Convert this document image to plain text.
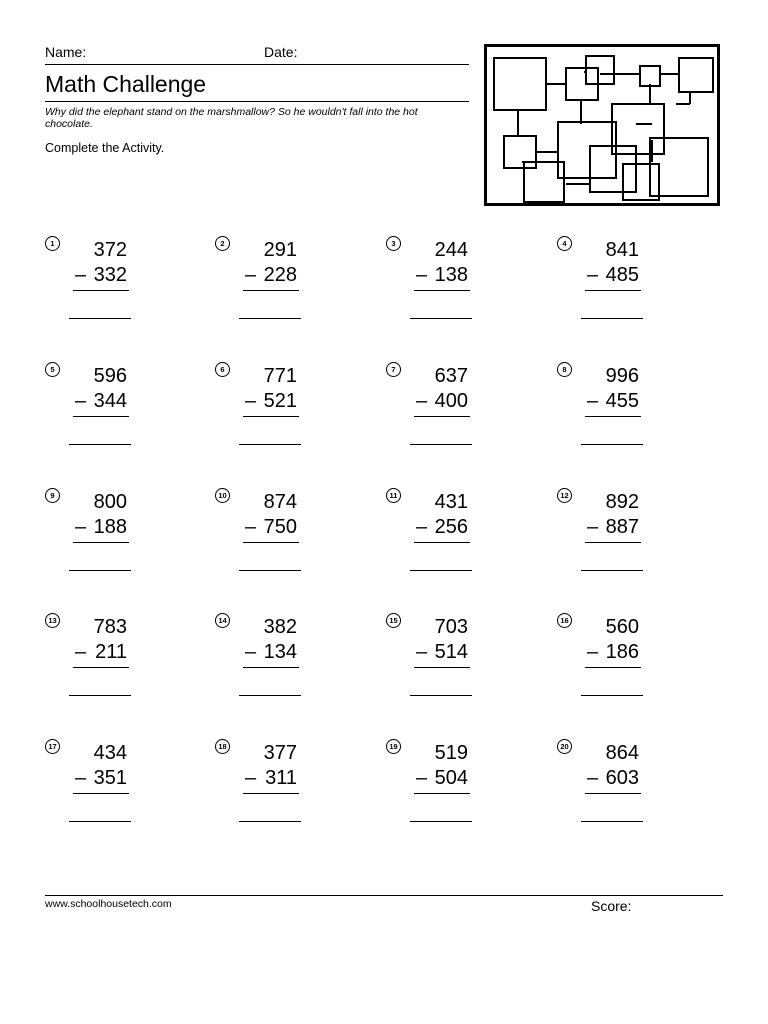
Name:	Date:
Math Challenge
Why did the elephant stand on the marshmallow? So he wouldn't fall into the hot chocolate.
Complete the Activity.
1	372
– 332
2	291
– 228
3	244
– 138
4	841
– 485
5	596
– 344
6	771
– 521
7	637
– 400
8	996
– 455
9	800
– 188
10	874
– 750
11	431
– 256
12	892
– 887
13	783
– 211
14	382
– 134
15	703
– 514
16	560
– 186
17	434
– 351
18	377
– 311
19	519
– 504
20	864
– 603
www.schoolhousetech.com	Score:
